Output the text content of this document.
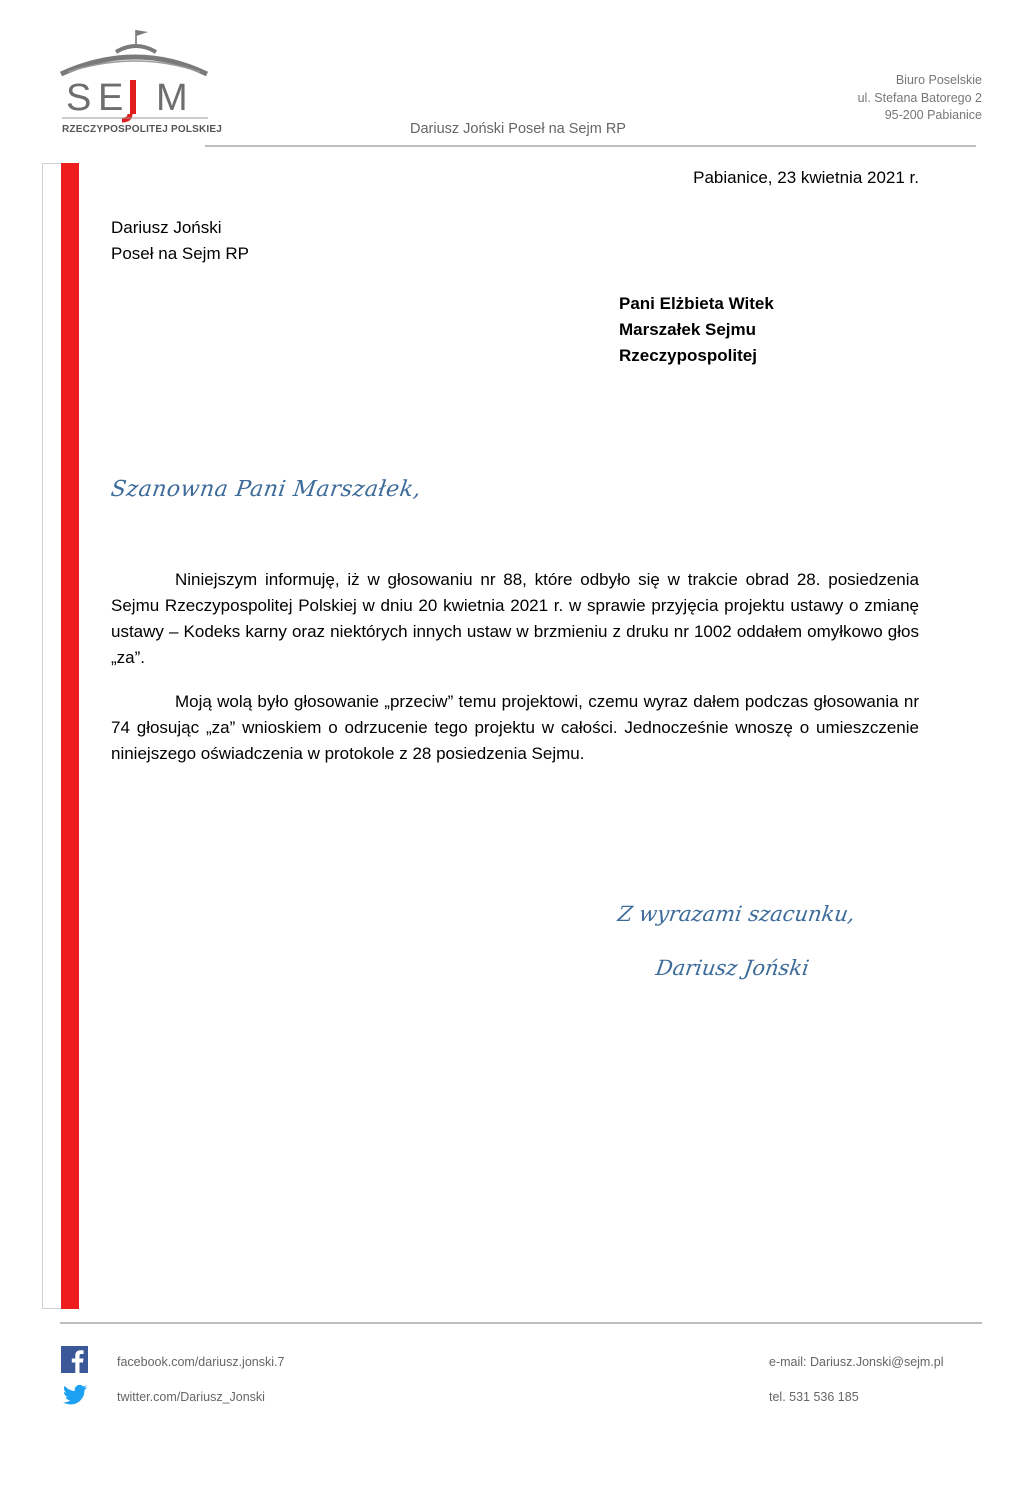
S E M
RZECZYPOSPOLITEJ POLSKIEJ
Biuro Poselskie
ul. Stefana Batorego 2
95-200 Pabianice
Dariusz Joński Poseł na Sejm RP
Pabianice, 23 kwietnia 2021 r.
Dariusz Joński
Poseł na Sejm RP
Pani Elżbieta Witek
Marszałek Sejmu
Rzeczypospolitej
Szanowna Pani Marszałek,
Niniejszym informuję, iż w głosowaniu nr 88, które odbyło się w trakcie obrad 28. posiedzenia Sejmu Rzeczypospolitej Polskiej w dniu 20 kwietnia 2021 r. w sprawie przyjęcia projektu ustawy o zmianę ustawy – Kodeks karny oraz niektórych innych ustaw w brzmieniu z druku nr 1002 oddałem omyłkowo głos „za”.
Moją wolą było głosowanie „przeciw” temu projektowi, czemu wyraz dałem podczas głosowania nr 74 głosując „za” wnioskiem o odrzucenie tego projektu w całości. Jednocześnie wnoszę o umieszczenie niniejszego oświadczenia w protokole z 28 posiedzenia Sejmu.
Z wyrazami szacunku,
Dariusz Joński
facebook.com/dariusz.jonski.7
twitter.com/Dariusz_Jonski
e-mail: Dariusz.Jonski@sejm.pl
tel. 531 536 185
